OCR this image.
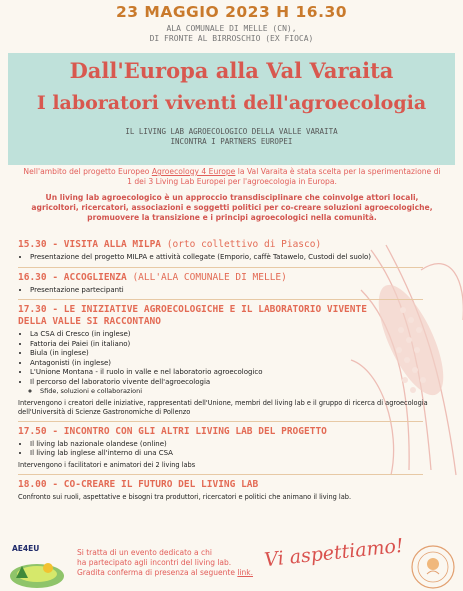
23 MAGGIO 2023 H 16.30
ALA COMUNALE DI MELLE (CN),
DI FRONTE AL BIRROSCHIO (EX FIOCA)
Dall'Europa alla Val Varaita
I laboratori viventi dell'agroecologia
IL LIVING LAB AGROECOLOGICO DELLA VALLE VARAITA
INCONTRA I PARTNERS EUROPEI
Nell'ambito del progetto Europeo Agroecology 4 Europe la Val Varaita è stata scelta per la sperimentazione di 1 dei 3 Living Lab Europei per l'agroecologia in Europa.
Un living lab agroecologico è un approccio transdisciplinare che coinvolge attori locali, agricoltori, ricercatori, associazioni e soggetti politici per co-creare soluzioni agroecologiche, promuovere la transizione e i principi agroecologici nella comunità.

15.30 - VISITA ALLA MILPA (orto collettivo di Piasco)

• Presentazione del progetto MILPA e attività collegate (Emporio, caffè Tatawelo, Custodi del suolo)

16.30 - ACCOGLIENZA (ALL'ALA COMUNALE DI MELLE)

• Presentazione partecipanti

17.30 - LE INIZIATIVE AGROECOLOGICHE E IL LABORATORIO VIVENTE
DELLA VALLE SI RACCONTANO

• La CSA di Cresco (in inglese)
• Fattoria dei Paiei (in italiano)
• Biula (in inglese)
• Antagonisti (in inglese)
• L'Unione Montana - il ruolo in valle e nel laboratorio agroecologico
• Il percorso del laboratorio vivente dell'agroecologia
◦ Sfide, soluzioni e collaborazioni
Intervengono i creatori delle iniziative, rappresentati dell'Unione, membri del living lab e il gruppo di ricerca di agroecologia dell'Università di Scienze Gastronomiche di Pollenzo

17.50 - INCONTRO CON GLI ALTRI LIVING LAB DEL PROGETTO

• Il living lab nazionale olandese (online)
• Il living lab inglese all'interno di una CSA
Intervengono i facilitatori e animatori dei 2 living labs

18.00 - CO-CREARE IL FUTURO DEL LIVING LAB

Confronto sui ruoli, aspettative e bisogni tra produttori, ricercatori e politici che animano il living lab.
AE4EU	Si tratta di un evento dedicato a chi
ha partecipato agli incontri del living lab.
Gradita conferma di presenza al seguente link.
Vi aspettiamo!
